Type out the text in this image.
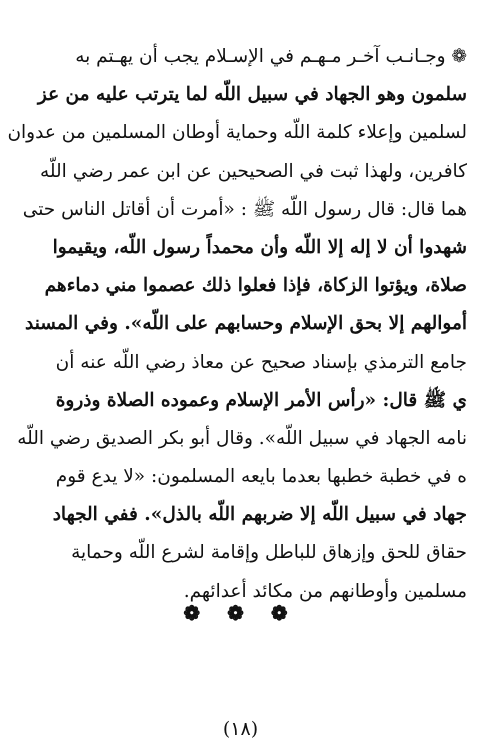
❁ وجـانـب آخـر مـهـم في الإسـلام يجب أن يهـتم به
سلمون وهو الجهاد في سبيل اللّه لما يترتب عليه من عز
لسلمين وإعلاء كلمة اللّه وحماية أوطان المسلمين من عدوان
كافرين، ولهذا ثبت في الصحيحين عن ابن عمر رضي اللّه
هما قال: قال رسول اللّه ﷺ : «أمرت أن أقاتل الناس حتى
شهدوا أن لا إله إلا اللّه وأن محمداً رسول اللّه، ويقيموا
صلاة، ويؤتوا الزكاة، فإذا فعلوا ذلك عصموا مني دماءهم
أموالهم إلا بحق الإسلام وحسابهم على اللّه». وفي المسند
جامع الترمذي بإسناد صحيح عن معاذ رضي اللّه عنه أن
ي ﷺ قال: «رأس الأمر الإسلام وعموده الصلاة وذروة
نامه الجهاد في سبيل اللّه». وقال أبو بكر الصديق رضي اللّه
ه في خطبة خطبها بعدما بايعه المسلمون: «لا يدع قوم
جهاد في سبيل اللّه إلا ضربهم اللّه بالذل». ففي الجهاد
حقاق للحق وإزهاق للباطل وإقامة لشرع اللّه وحماية
مسلمين وأوطانهم من مكائد أعدائهم.
❁ ❁ ❁
(١٨)
